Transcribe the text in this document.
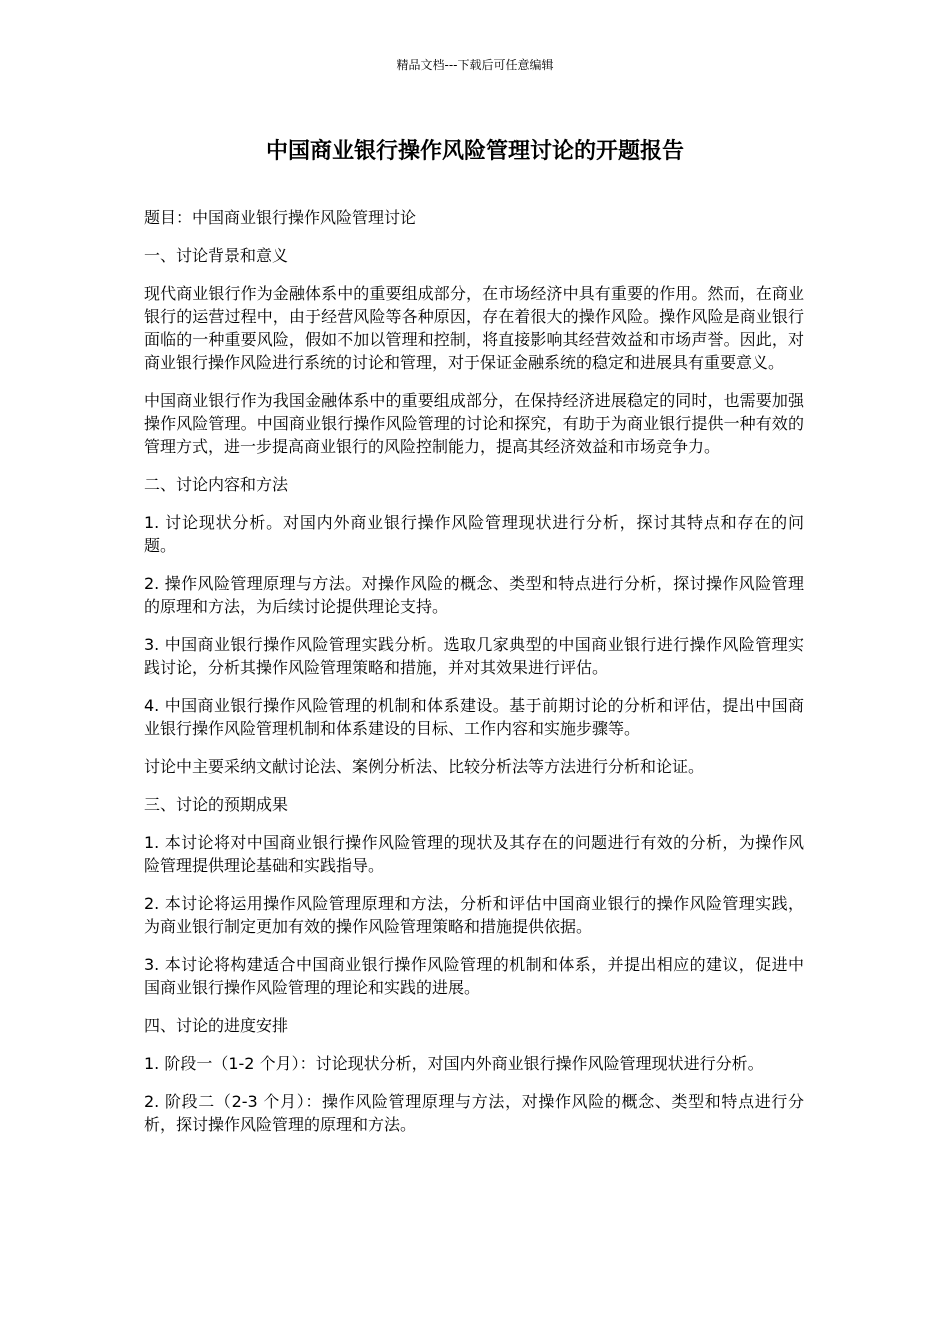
精品文档---下载后可任意编辑
中国商业银行操作风险管理讨论的开题报告

题目：中国商业银行操作风险管理讨论

一、讨论背景和意义

现代商业银行作为金融体系中的重要组成部分，在市场经济中具有重要的作用。然而，在商业银行的运营过程中，由于经营风险等各种原因，存在着很大的操作风险。操作风险是商业银行面临的一种重要风险，假如不加以管理和控制，将直接影响其经营效益和市场声誉。因此，对商业银行操作风险进行系统的讨论和管理，对于保证金融系统的稳定和进展具有重要意义。

中国商业银行作为我国金融体系中的重要组成部分，在保持经济进展稳定的同时，也需要加强操作风险管理。中国商业银行操作风险管理的讨论和探究，有助于为商业银行提供一种有效的管理方式，进一步提高商业银行的风险控制能力，提高其经济效益和市场竞争力。

二、讨论内容和方法

1. 讨论现状分析。对国内外商业银行操作风险管理现状进行分析，探讨其特点和存在的问题。

2. 操作风险管理原理与方法。对操作风险的概念、类型和特点进行分析，探讨操作风险管理的原理和方法，为后续讨论提供理论支持。

3. 中国商业银行操作风险管理实践分析。选取几家典型的中国商业银行进行操作风险管理实践讨论，分析其操作风险管理策略和措施，并对其效果进行评估。

4. 中国商业银行操作风险管理的机制和体系建设。基于前期讨论的分析和评估，提出中国商业银行操作风险管理机制和体系建设的目标、工作内容和实施步骤等。

讨论中主要采纳文献讨论法、案例分析法、比较分析法等方法进行分析和论证。

三、讨论的预期成果

1. 本讨论将对中国商业银行操作风险管理的现状及其存在的问题进行有效的分析，为操作风险管理提供理论基础和实践指导。

2. 本讨论将运用操作风险管理原理和方法，分析和评估中国商业银行的操作风险管理实践，为商业银行制定更加有效的操作风险管理策略和措施提供依据。

3. 本讨论将构建适合中国商业银行操作风险管理的机制和体系，并提出相应的建议，促进中国商业银行操作风险管理的理论和实践的进展。

四、讨论的进度安排

1. 阶段一（1-2 个月）：讨论现状分析，对国内外商业银行操作风险管理现状进行分析。

2. 阶段二（2-3 个月）：操作风险管理原理与方法，对操作风险的概念、类型和特点进行分析，探讨操作风险管理的原理和方法。
